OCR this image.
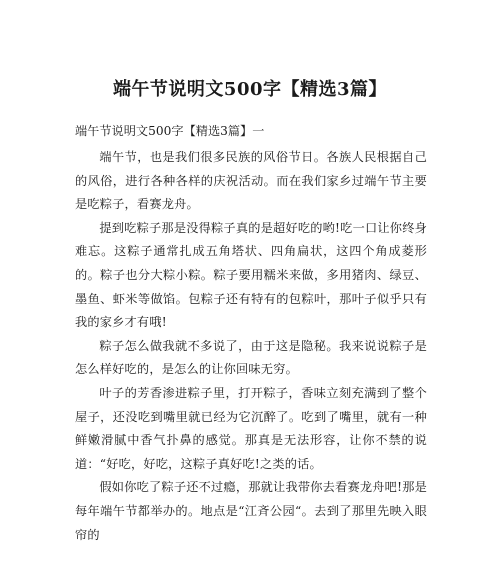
端午节说明文500字【精选3篇】
端午节说明文500字【精选3篇】一

端午节，也是我们很多民族的风俗节日。各族人民根据自己的风俗，进行各种各样的庆祝活动。而在我们家乡过端午节主要是吃粽子，看赛龙舟。

提到吃粽子那是没得粽子真的是超好吃的哟!吃一口让你终身难忘。这粽子通常扎成五角塔状、四角扁状，这四个角成菱形的。粽子也分大粽小粽。粽子要用糯米来做，多用猪肉、绿豆、墨鱼、虾米等做馅。包粽子还有特有的包粽叶，那叶子似乎只有我的家乡才有哦!

粽子怎么做我就不多说了，由于这是隐秘。我来说说粽子是怎么样好吃的，是怎么的让你回味无穷。

叶子的芳香渗进粽子里，打开粽子，香味立刻充满到了整个屋子，还没吃到嘴里就已经为它沉醉了。吃到了嘴里，就有一种鲜嫩滑腻中香气扑鼻的感觉。那真是无法形容，让你不禁的说道：“好吃，好吃，这粽子真好吃!之类的话。

假如你吃了粽子还不过瘾，那就让我带你去看赛龙舟吧!那是每年端午节都举办的。地点是“江斉公园“。去到了那里先映入眼帘的
